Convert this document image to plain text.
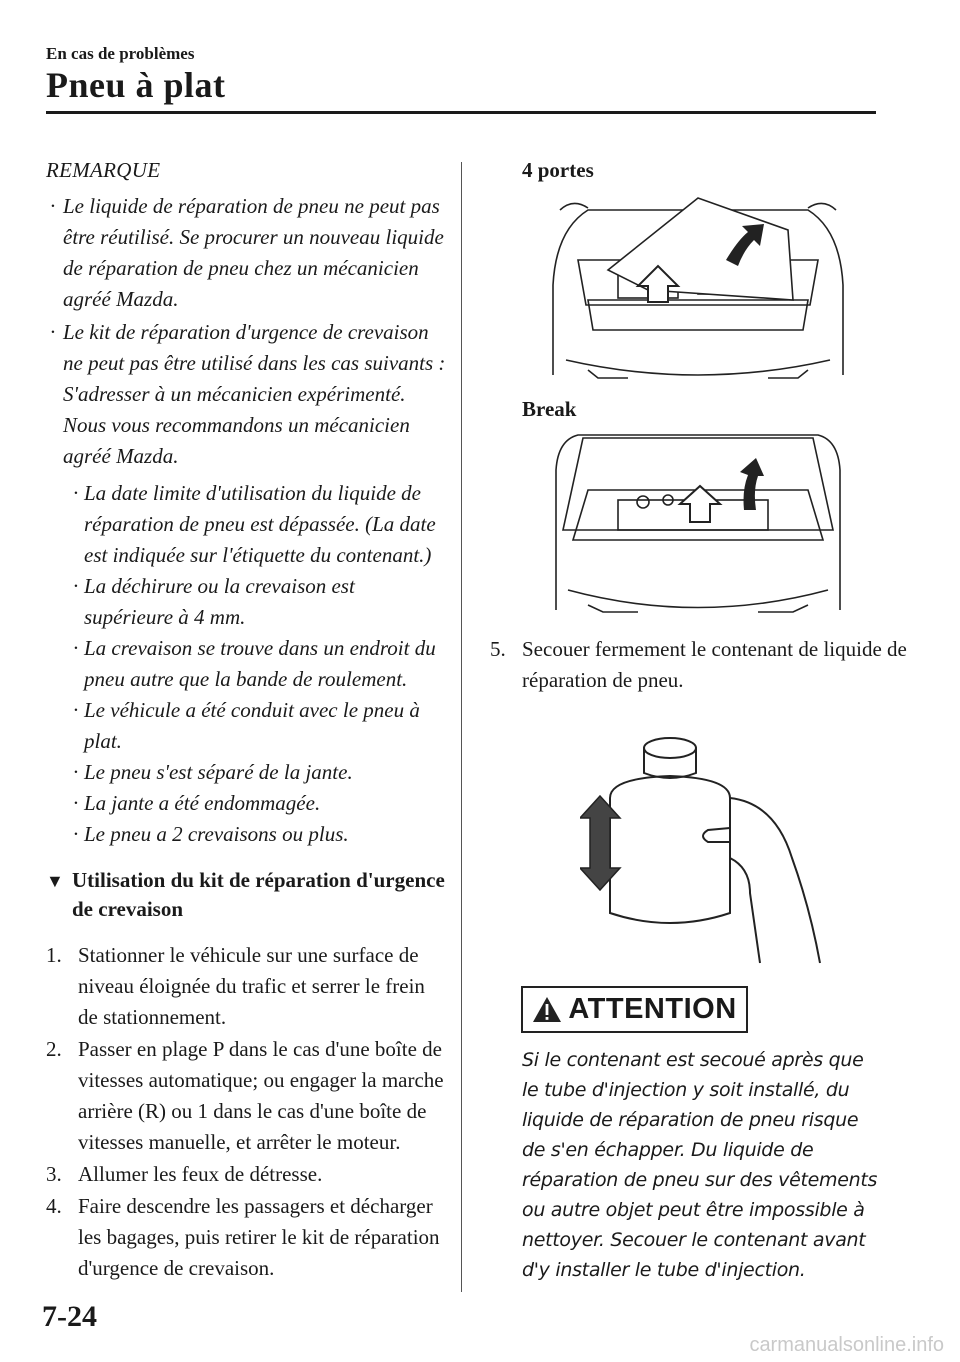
En cas de problèmes
Pneu à plat
REMARQUE
· Le liquide de réparation de pneu ne peut pas être réutilisé. Se procurer un nouveau liquide de réparation de pneu chez un mécanicien agréé Mazda.
· Le kit de réparation d'urgence de crevaison ne peut pas être utilisé dans les cas suivants : S'adresser à un mécanicien expérimenté. Nous vous recommandons un mécanicien agréé Mazda.
· La date limite d'utilisation du liquide de réparation de pneu est dépassée. (La date est indiquée sur l'étiquette du contenant.)
· La déchirure ou la crevaison est supérieure à 4 mm.
· La crevaison se trouve dans un endroit du pneu autre que la bande de roulement.
· Le véhicule a été conduit avec le pneu à plat.
· Le pneu s'est séparé de la jante.
· La jante a été endommagée.
· Le pneu a 2 crevaisons ou plus.
▼ Utilisation du kit de réparation d'urgence de crevaison
1. Stationner le véhicule sur une surface de niveau éloignée du trafic et serrer le frein de stationnement.
2. Passer en plage P dans le cas d'une boîte de vitesses automatique; ou engager la marche arrière (R) ou 1 dans le cas d'une boîte de vitesses manuelle, et arrêter le moteur.
3. Allumer les feux de détresse.
4. Faire descendre les passagers et décharger les bagages, puis retirer le kit de réparation d'urgence de crevaison.
4 portes
Break
5. Secouer fermement le contenant de liquide de réparation de pneu.
ATTENTION
Si le contenant est secoué après que le tube d'injection y soit installé, du liquide de réparation de pneu risque de s'en échapper. Du liquide de réparation de pneu sur des vêtements ou autre objet peut être impossible à nettoyer. Secouer le contenant avant d'y installer le tube d'injection.
7-24
carmanualsonline.info
